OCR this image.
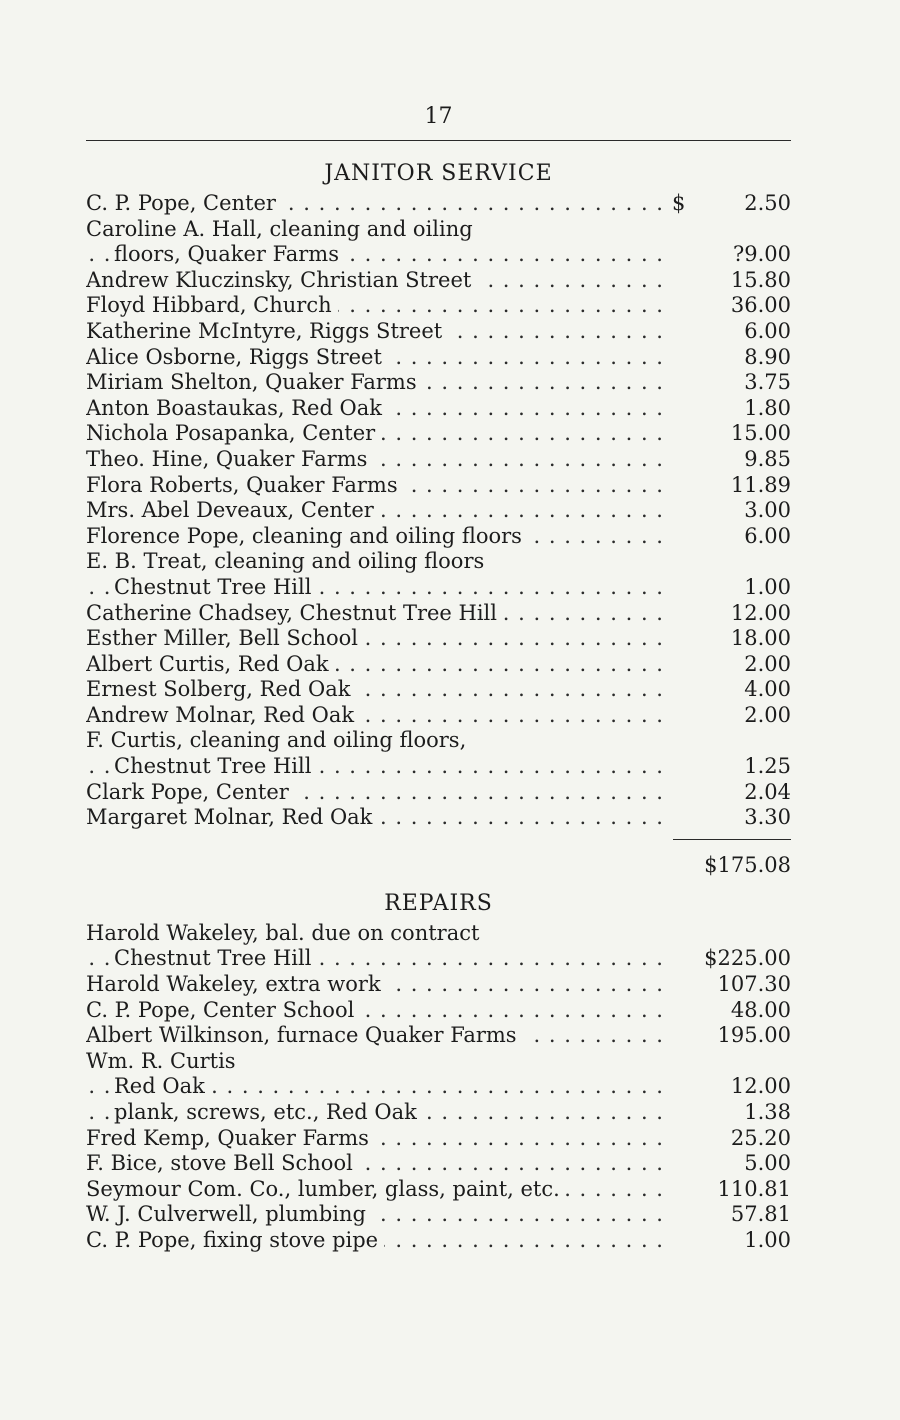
17
JANITOR SERVICE
C. P. Pope, Center . . .	$	2.50
Caroline A. Hall, cleaning and oiling
floors, Quaker Farms . . .	?9.00
Andrew Kluczinsky, Christian Street . . .	15.80
Floyd Hibbard, Church . . .	36.00
Katherine McIntyre, Riggs Street . . .	6.00
Alice Osborne, Riggs Street . . .	8.90
Miriam Shelton, Quaker Farms . . .	3.75
Anton Boastaukas, Red Oak . . .	1.80
Nichola Posapanka, Center . . .	15.00
Theo. Hine, Quaker Farms . . .	9.85
Flora Roberts, Quaker Farms . . .	11.89
Mrs. Abel Deveaux, Center . . .	3.00
Florence Pope, cleaning and oiling floors . . .	6.00
E. B. Treat, cleaning and oiling floors
Chestnut Tree Hill . . .	1.00
Catherine Chadsey, Chestnut Tree Hill . . .	12.00
Esther Miller, Bell School . . .	18.00
Albert Curtis, Red Oak . . .	2.00
Ernest Solberg, Red Oak . . .	4.00
Andrew Molnar, Red Oak . . .	2.00
F. Curtis, cleaning and oiling floors,
Chestnut Tree Hill . . .	1.25
Clark Pope, Center . . .	2.04
Margaret Molnar, Red Oak . . .	3.30
$175.08
REPAIRS
Harold Wakeley, bal. due on contract
Chestnut Tree Hill . . .	$225.00
Harold Wakeley, extra work . . .	107.30
C. P. Pope, Center School . . .	48.00
Albert Wilkinson, furnace Quaker Farms . . .	195.00
Wm. R. Curtis
Red Oak . . .	12.00
plank, screws, etc., Red Oak . . .	1.38
Fred Kemp, Quaker Farms . . .	25.20
F. Bice, stove Bell School . . .	5.00
Seymour Com. Co., lumber, glass, paint, etc. . . .	110.81
W. J. Culverwell, plumbing . . .	57.81
C. P. Pope, fixing stove pipe . . .	1.00
